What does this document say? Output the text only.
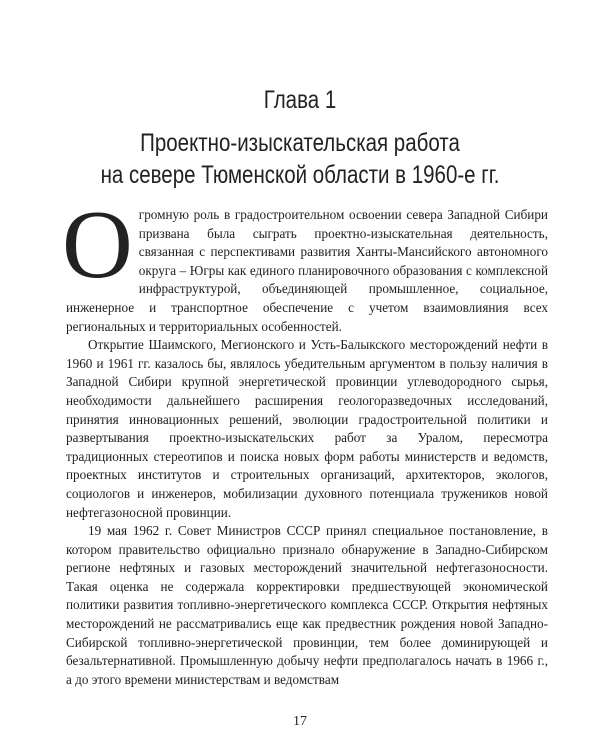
Глава 1
Проектно-изыскательская работа
на севере Тюменской области в 1960-е гг.

Огромную роль в градостроительном освоении севера Западной Сибири призвана была сыграть проектно-изыскательная деятельность, связанная с перспективами развития Ханты-Мансийского автономного округа – Югры как единого планировочного образования с комплексной инфраструктурой, объединяющей промышленное, социальное, инженерное и транспортное обеспечение с учетом взаимовлияния всех региональных и территориальных особенностей.

Открытие Шаимского, Мегионского и Усть-Балыкского месторождений нефти в 1960 и 1961 гг. казалось бы, являлось убедительным аргументом в пользу наличия в Западной Сибири крупной энергетической провинции углеводородного сырья, необходимости дальнейшего расширения геологоразведочных исследований, принятия инновационных решений, эволюции градостроительной политики и развертывания проектно-изыскательских работ за Уралом, пересмотра традиционных стереотипов и поиска новых форм работы министерств и ведомств, проектных институтов и строительных организаций, архитекторов, экологов, социологов и инженеров, мобилизации духовного потенциала тружеников новой нефтегазоносной провинции.

19 мая 1962 г. Совет Министров СССР принял специальное постановление, в котором правительство официально признало обнаружение в Западно-Сибирском регионе нефтяных и газовых месторождений значительной нефтегазоносности. Такая оценка не содержала корректировки предшествующей экономической политики развития топливно-энергетического комплекса СССР. Открытия нефтяных месторождений не рассматривались еще как предвестник рождения новой Западно-Сибирской топливно-энергетической провинции, тем более доминирующей и безальтернативной. Промышленную добычу нефти предполагалось начать в 1966 г., а до этого времени министерствам и ведомствам

17
